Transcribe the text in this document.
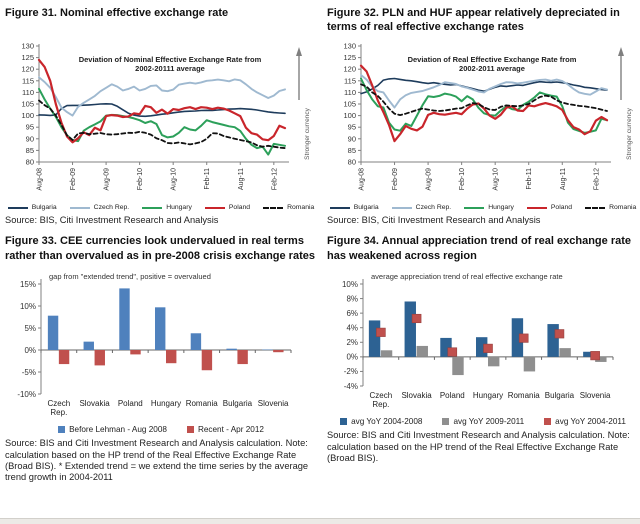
Figure 31. Nominal effective exchange rate
130
125
120
115
110
105
100
95
90
85
80
Aug-08	Feb-09	Aug-09	Feb-10	Aug-10	Feb-11	Aug-11	Feb-12
Deviation of Nominal Effective Exchange Rate from
2002-20111 average
Stronger currency
Bulgaria	Czech Rep.	Hungary	Poland	Romania
Source: BIS, Citi Investment Research and Analysis
Figure 32. PLN and HUF appear relatively depreciated in terms of real effective exchange rates
130
125
120
115
110
105
100
95
90
85
80
Aug-08	Feb-09	Aug-09	Feb-10	Aug-10	Feb-11	Aug-11	Feb-12
Deviation of Real Effective Exchange Rate from
2002-2011 average
Stronger currency
Bulgaria	Czech Rep.	Hungary	Poland	Romania
Source: BIS, Citi Investment Research and Analysis
Figure 33. CEE currencies look undervalued in real terms rather than overvalued as in pre-2008 crisis exchange rates
15%
10%
5%
0%
-5%
-10%
gap from "extended trend", positive = overvalued
Czech
Rep.
Slovakia Poland Hungary Romania Bulgaria Slovenia
Before Lehman - Aug 2008	Recent - Apr 2012
Source: BIS and Citi Investment Research and Analysis calculation. Note: calculation based on the HP trend of the Real Effective Exchange Rate (Broad BIS). * Extended trend = we extend the time series by the average trend growth in 2004-2011
Figure 34. Annual appreciation trend of real exchange rate has weakened across region
10%
8%
6%
4%
2%
0%
-2%
-4%
average appreciation trend of real effective exchange rate
Czech
Rep.
Slovakia Poland Hungary Romania Bulgaria Slovenia
avg YoY 2004-2008	avg YoY 2009-2011	avg YoY 2004-2011
Source: BIS and Citi Investment Research and Analysis calculation. Note: calculation based on the HP trend of the Real Effective Exchange Rate (Broad BIS).
